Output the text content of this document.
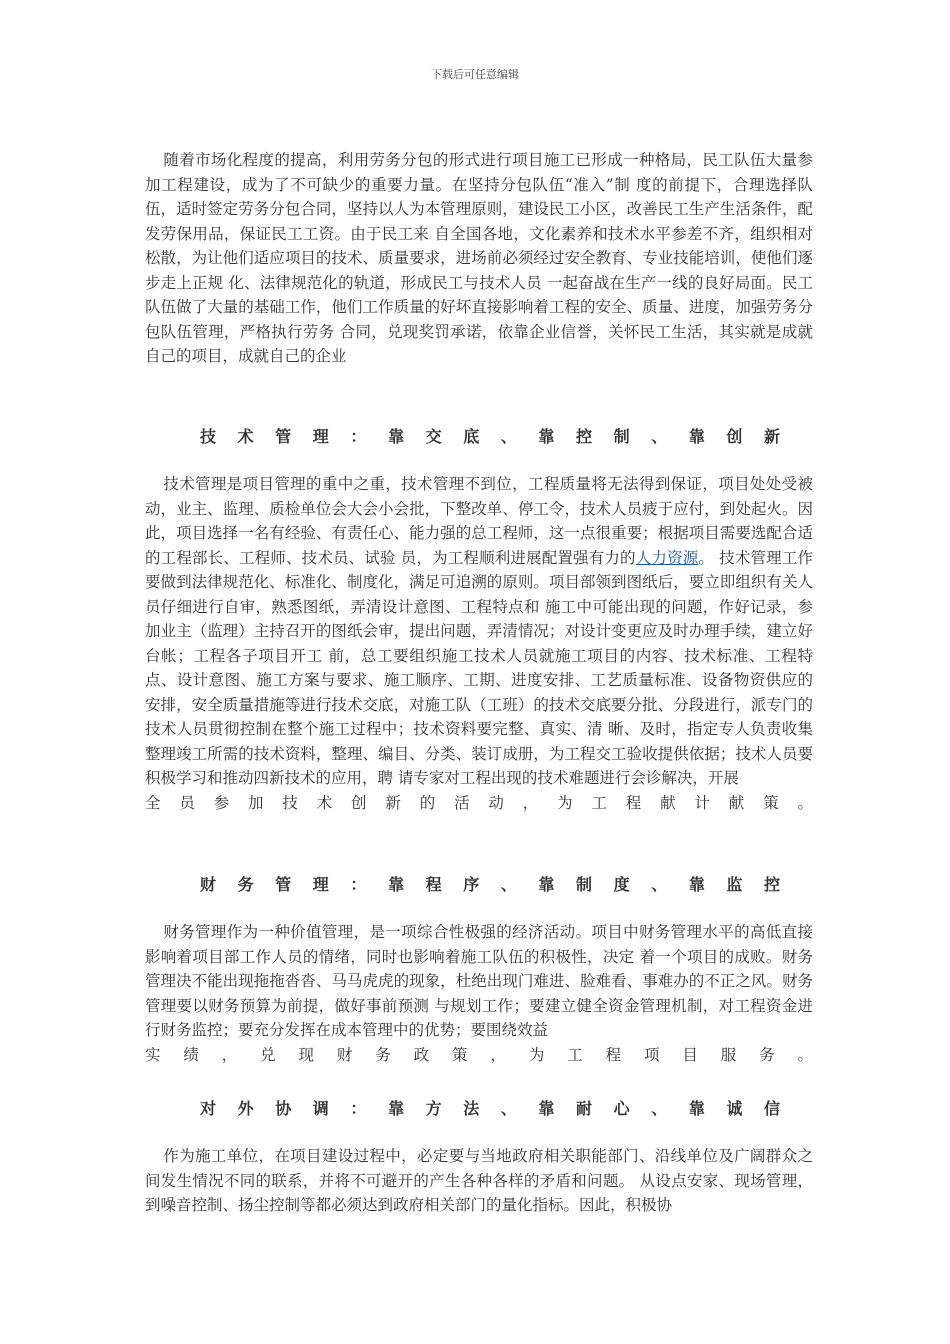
下载后可任意编辑

随着市场化程度的提高，利用劳务分包的形式进行项目施工已形成一种格局，民工队伍大量参加工程建设，成为了不可缺少的重要力量。在坚持分包队伍“准入”制 度的前提下，合理选择队伍，适时签定劳务分包合同，坚持以人为本管理原则，建设民工小区，改善民工生产生活条件，配发劳保用品，保证民工工资。由于民工来 自全国各地，文化素养和技术水平参差不齐，组织相对松散，为让他们适应项目的技术、质量要求，进场前必须经过安全教育、专业技能培训，使他们逐步走上正规 化、法律规范化的轨道，形成民工与技术人员 一起奋战在生产一线的良好局面。民工队伍做了大量的基础工作，他们工作质量的好坏直接影响着工程的安全、质量、进度，加强劳务分包队伍管理，严格执行劳务 合同，兑现奖罚承诺，依靠企业信誉，关怀民工生活，其实就是成就自己的项目，成就自己的企业

技术管理：靠交底、靠控制、靠创新

技术管理是项目管理的重中之重，技术管理不到位，工程质量将无法得到保证，项目处处受被动，业主、监理、质检单位会大会小会批，下整改单、停工令，技术人员疲于应付，到处起火。因此，项目选择一名有经验、有责任心、能力强的总工程师，这一点很重要；根据项目需要选配合适的工程部长、工程师、技术员、试验 员，为工程顺利进展配置强有力的人力资源。 技术管理工作要做到法律规范化、标准化、制度化，满足可追溯的原则。项目部领到图纸后，要立即组织有关人员仔细进行自审，熟悉图纸，弄清设计意图、工程特点和 施工中可能出现的问题，作好记录，参加业主（监理）主持召开的图纸会审，提出问题，弄清情况；对设计变更应及时办理手续，建立好台帐；工程各子项目开工 前，总工要组织施工技术人员就施工项目的内容、技术标准、工程特点、设计意图、施工方案与要求、施工顺序、工期、进度安排、工艺质量标准、设备物资供应的 安排，安全质量措施等进行技术交底，对施工队（工班）的技术交底要分批、分段进行，派专门的技术人员贯彻控制在整个施工过程中；技术资料要完整、真实、清 晰、及时，指定专人负责收集整理竣工所需的技术资料，整理、编目、分类、装订成册，为工程交工验收提供依据；技术人员要积极学习和推动四新技术的应用，聘 请专家对工程出现的技术难题进行会诊解决，开展
全员参加技术创新的活动，为工程献计献策。

财务管理：靠程序、靠制度、靠监控

财务管理作为一种价值管理，是一项综合性极强的经济活动。项目中财务管理水平的高低直接影响着项目部工作人员的情绪，同时也影响着施工队伍的积极性，决定 着一个项目的成败。财务管理决不能出现拖拖沓沓、马马虎虎的现象，杜绝出现门难进、脸难看、事难办的不正之风。财务管理要以财务预算为前提，做好事前预测 与规划工作；要建立健全资金管理机制，对工程资金进行财务监控；要充分发挥在成本管理中的优势；要围绕效益
实绩，兑现财务政策，为工程项目服务。

对外协调：靠方法、靠耐心、靠诚信

作为施工单位，在项目建设过程中，必定要与当地政府相关职能部门、沿线单位及广阔群众之间发生情况不同的联系，并将不可避开的产生各种各样的矛盾和问题。 从设点安家、现场管理，到噪音控制、扬尘控制等都必须达到政府相关部门的量化指标。因此，积极协
